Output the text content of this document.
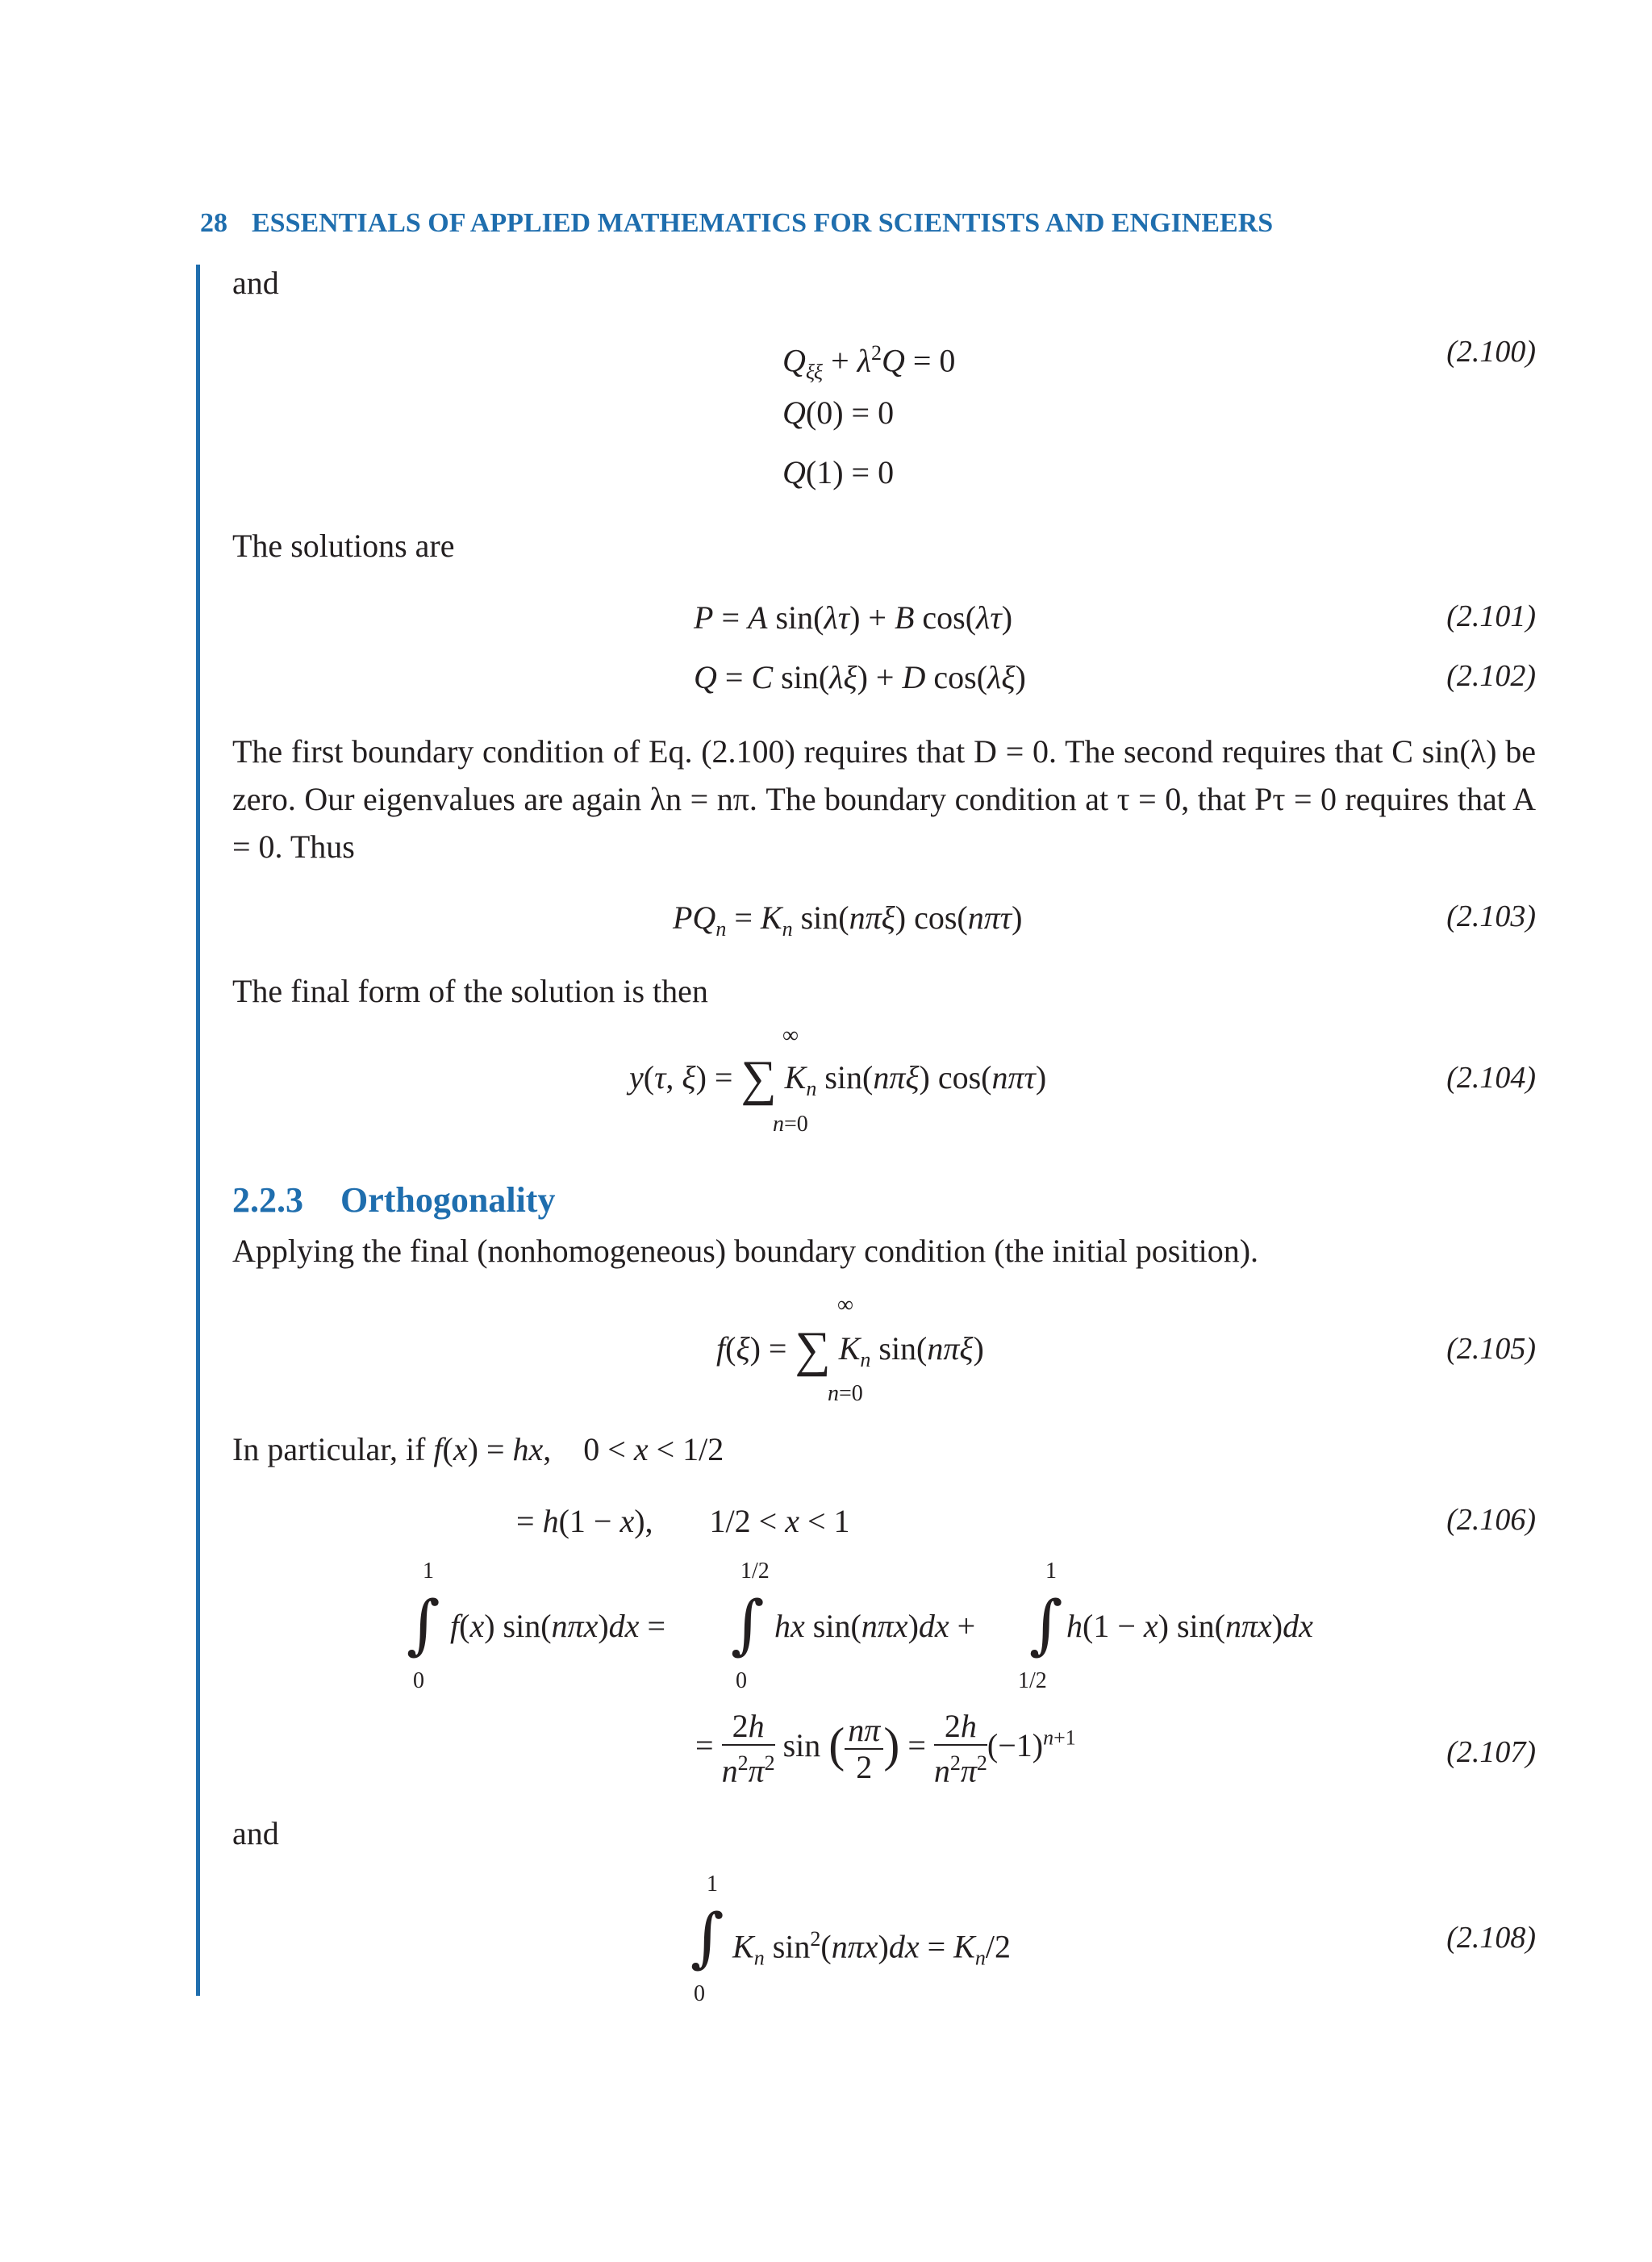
28 ESSENTIALS OF APPLIED MATHEMATICS FOR SCIENTISTS AND ENGINEERS
and
$Q_{\xi\xi} + \lambda^2Q = 0$	(2.100)
Q(0) = 0
Q(1) = 0
The solutions are
P = A sin(λτ) + B cos(λτ)	(2.101)
Q = C sin(λξ) + D cos(λξ)	(2.102)
The first boundary condition of Eq. (2.100) requires that D = 0. The second requires that C sin(λ) be zero. Our eigenvalues are again λn = nπ. The boundary condition at τ = 0, that Pτ = 0 requires that A = 0. Thus
$PQ_n = K_n$ sin(nπξ) cos(nπτ)	(2.103)
The final form of the solution is then
∞
y(τ, ξ) = ∑ $K_n$ sin(nπξ) cos(nπτ)
n=0
(2.104)
2.2.3 Orthogonality
Applying the final (nonhomogeneous) boundary condition (the initial position).
∞
f(ξ) = ∑ $K_n$ sin(nπξ)
n=0
(2.105)
In particular, if f(x) = hx,    0 < x < 1/2
= h(1 − x),       1/2 < x < 1	(2.106)
1
∫
0
f(x) sin(nπx)dx =
1/2
∫
0
hx sin(nπx)dx +
1
∫
1/2
h(1 − x) sin(nπx)dx
= $\frac{2h}{n^2\pi^2}$ sin ( $\frac{n\pi}{2}$ ) = $\frac{2h}{n^2\pi^2} (-1)^{n+1}$	(2.107)
and
1
∫
0
$K_n$ $\sin^2(n\pi x)dx = K_n/2$	(2.108)
